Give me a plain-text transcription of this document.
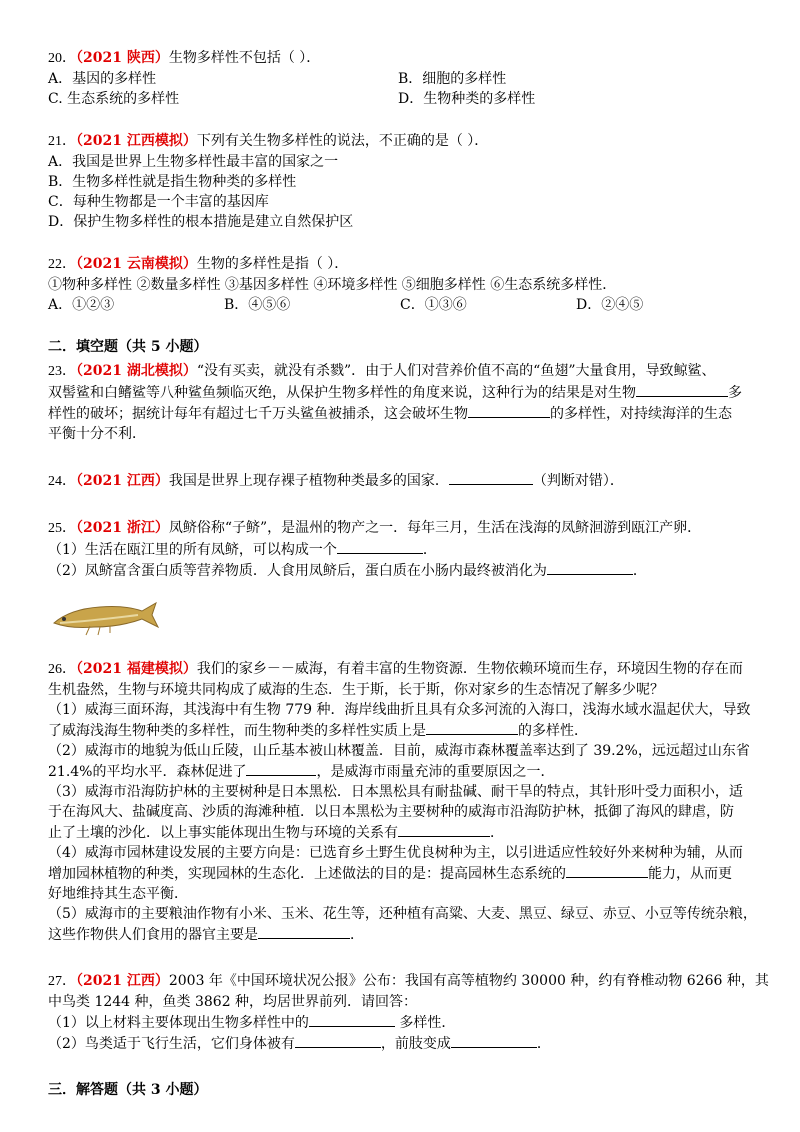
20．（2021 陕西）生物多样性不包括（ ）．
A．基因的多样性	B．细胞的多样性
C. 生态系统的多样性	D．生物种类的多样性
21．（2021 江西模拟）下列有关生物多样性的说法，不正确的是（ ）．
A．我国是世界上生物多样性最丰富的国家之一
B．生物多样性就是指生物种类的多样性
C．每种生物都是一个丰富的基因库
D．保护生物多样性的根本措施是建立自然保护区
22．（2021 云南模拟）生物的多样性是指（ ）．
①物种多样性 ②数量多样性 ③基因多样性 ④环境多样性 ⑤细胞多样性 ⑥生态系统多样性．
A．①②③	B．④⑤⑥	C．①③⑥	D．②④⑤
二．填空题（共 5 小题）
23．（2021 湖北模拟）“没有买卖，就没有杀戮”．由于人们对营养价值不高的“鱼翅”大量食用，导致鲸鲨、
双髻鲨和白鳍鲨等八种鲨鱼频临灭绝，从保护生物多样性的角度来说，这种行为的结果是对生物	多
样性的破坏；据统计每年有超过七千万头鲨鱼被捕杀，这会破坏生物	的多样性，对持续海洋的生态
平衡十分不利．
24．（2021 江西）我国是世界上现存裸子植物种类最多的国家．	（判断对错）．
25．（2021 浙江）凤鲚俗称“子鲚”，是温州的物产之一．每年三月，生活在浅海的凤鲚洄游到瓯江产卵．
（1）生活在瓯江里的所有凤鲚，可以构成一个	．
（2）凤鲚富含蛋白质等营养物质．人食用凤鲚后，蛋白质在小肠内最终被消化为	．
26．（2021 福建模拟）我们的家乡－－威海，有着丰富的生物资源．生物依赖环境而生存，环境因生物的存在而
生机盎然，生物与环境共同构成了威海的生态．生于斯，长于斯，你对家乡的生态情况了解多少呢？
（1）威海三面环海，其浅海中有生物 779 种．海岸线曲折且具有众多河流的入海口，浅海水域水温起伏大，导致
了威海浅海生物种类的多样性，而生物种类的多样性实质上是	的多样性．
（2）威海市的地貌为低山丘陵，山丘基本被山林覆盖．目前，威海市森林覆盖率达到了 39.2%，远远超过山东省
21.4%的平均水平．森林促进了	，是威海市雨量充沛的重要原因之一．
（3）威海市沿海防护林的主要树种是日本黑松．日本黑松具有耐盐碱、耐干旱的特点，其针形叶受力面积小，适
于在海风大、盐碱度高、沙质的海滩种植．以日本黑松为主要树种的威海市沿海防护林，抵御了海风的肆虐，防
止了土壤的沙化．以上事实能体现出生物与环境的关系有	．
（4）威海市园林建设发展的主要方向是：已选育乡土野生优良树种为主，以引进适应性较好外来树种为辅，从而
增加园林植物的种类，实现园林的生态化．上述做法的目的是：提高园林生态系统的	能力，从而更
好地维持其生态平衡．
（5）威海市的主要粮油作物有小米、玉米、花生等，还种植有高粱、大麦、黑豆、绿豆、赤豆、小豆等传统杂粮，
这些作物供人们食用的器官主要是	．
27．（2021 江西）2003 年《中国环境状况公报》公布：我国有高等植物约 30000 种，约有脊椎动物 6266 种，其
中鸟类 1244 种，鱼类 3862 种，均居世界前列．请回答：
（1）以上材料主要体现出生物多样性中的	多样性．
（2）鸟类适于飞行生活，它们身体被有	，前肢变成	．
三．解答题（共 3 小题）
